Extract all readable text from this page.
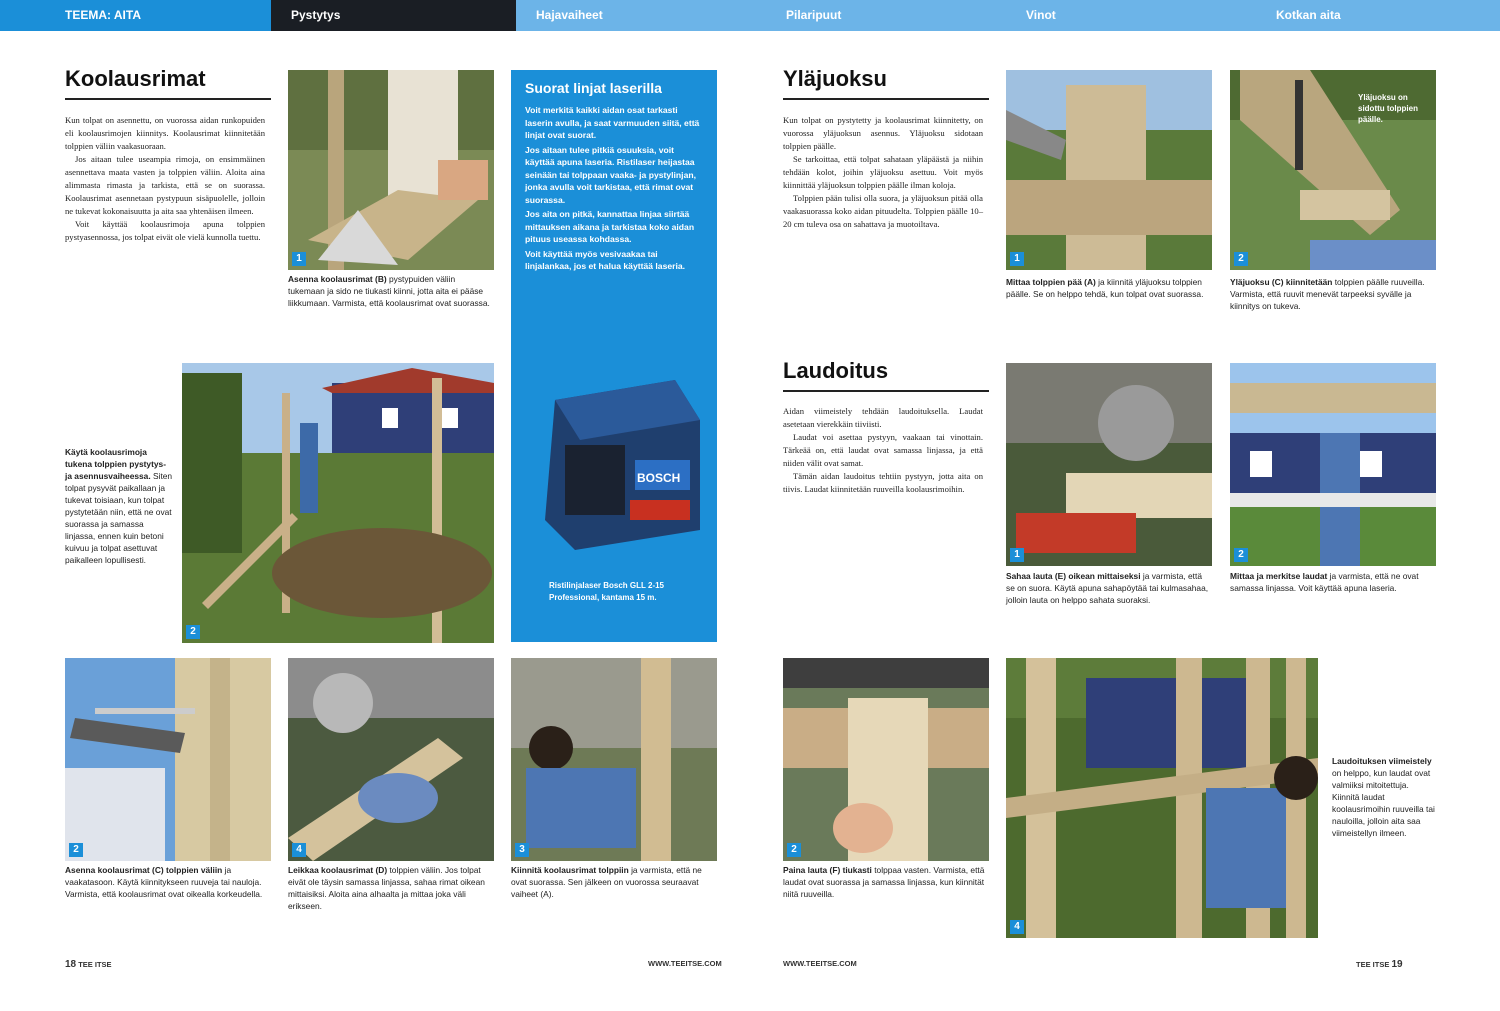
TEEMA: AITA	Pystytys	Hajavaiheet	Pilaripuut	Vinot	Kotkan aita
Koolausrimat

Kun tolpat on asennettu, on vuorossa aidan runkopuiden eli koolausrimojen kiinnitys. Koolausrimat kiinnitetään tolppien väliin vaakasuoraan.

Jos aitaan tulee useampia rimoja, on ensimmäinen asennettava maata vasten ja tolppien väliin. Aloita aina alimmasta rimasta ja tarkista, että se on suorassa. Koolausrimat asennetaan pystypuun sisäpuolelle, jolloin ne tukevat kokonaisuutta ja aita saa yhtenäisen ilmeen.

Voit käyttää koolausrimoja apuna tolppien pystyasennossa, jos tolpat eivät ole vielä kunnolla tuettu.

1
Asenna koolausrimat (B) pystypuiden väliin tukemaan ja sido ne tiukasti kiinni, jotta aita ei pääse liikkumaan. Varmista, että koolausrimat ovat suorassa.
Käytä koolausrimoja tukena tolppien pystytys- ja asennusvaiheessa. Siten tolpat pysyvät paikallaan ja tukevat toisiaan, kun tolpat pystytetään niin, että ne ovat suorassa ja samassa linjassa, ennen kuin betoni kuivuu ja tolpat asettuvat paikalleen lopullisesti.
2
2	4	3
Asenna koolausrimat (C) tolppien väliin ja vaakatasoon. Käytä kiinnitykseen ruuveja tai nauloja. Varmista, että koolausrimat ovat oikealla korkeudella.
Leikkaa koolausrimat (D) tolppien väliin. Jos tolpat eivät ole täysin samassa linjassa, sahaa rimat oikean mittaisiksi. Aloita aina alhaalta ja mittaa joka väli erikseen.
Kiinnitä koolausrimat tolppiin ja varmista, että ne ovat suorassa. Sen jälkeen on vuorossa seuraavat vaiheet (A).
Suorat linjat laserilla

Voit merkitä kaikki aidan osat tarkasti laserin avulla, ja saat varmuuden siitä, että linjat ovat suorat.

Jos aitaan tulee pitkiä osuuksia, voit käyttää apuna laseria. Ristilaser heijastaa seinään tai tolppaan vaaka- ja pystylinjan, jonka avulla voit tarkistaa, että rimat ovat suorassa.

Jos aita on pitkä, kannattaa linjaa siirtää mittauksen aikana ja tarkistaa koko aidan pituus useassa kohdassa.

Voit käyttää myös vesivaakaa tai linjalankaa, jos et halua käyttää laseria.

BOSCH
Ristilinjalaser Bosch GLL 2-15 Professional, kantama 15 m.
Yläjuoksu

Kun tolpat on pystytetty ja koolausrimat kiinnitetty, on vuorossa yläjuoksun asennus. Yläjuoksu sidotaan tolppien päälle.

Se tarkoittaa, että tolpat sahataan yläpäästä ja niihin tehdään kolot, joihin yläjuoksu asettuu. Voit myös kiinnittää yläjuoksun tolppien päälle ilman koloja.

Tolppien pään tulisi olla suora, ja yläjuoksun pitää olla vaakasuorassa koko aidan pituudelta. Tolppien päälle 10–20 cm tuleva osa on sahattava ja muotoiltava.

Laudoitus

Aidan viimeistely tehdään laudoituksella. Laudat asetetaan vierekkäin tiiviisti.

Laudat voi asettaa pystyyn, vaakaan tai vinottain. Tärkeää on, että laudat ovat samassa linjassa, ja että niiden välit ovat samat.

Tämän aidan laudoitus tehtiin pystyyn, jotta aita on tiivis. Laudat kiinnitetään ruuveilla koolausrimoihin.

1	2
Yläjuoksu on sidottu tolppien päälle.
Mittaa tolppien pää (A) ja kiinnitä yläjuoksu tolppien päälle. Se on helppo tehdä, kun tolpat ovat suorassa.
Yläjuoksu (C) kiinnitetään tolppien päälle ruuveilla. Varmista, että ruuvit menevät tarpeeksi syvälle ja kiinnitys on tukeva.
1	2
Sahaa lauta (E) oikean mittaiseksi ja varmista, että se on suora. Käytä apuna sahapöytää tai kulmasahaa, jolloin lauta on helppo sahata suoraksi.
Mittaa ja merkitse laudat ja varmista, että ne ovat samassa linjassa. Voit käyttää apuna laseria.
2
4
Paina lauta (F) tiukasti tolppaa vasten. Varmista, että laudat ovat suorassa ja samassa linjassa, kun kiinnität niitä ruuveilla.
Laudoituksen viimeistely on helppo, kun laudat ovat valmiiksi mitoitettuja. Kiinnitä laudat koolausrimoihin ruuveilla tai nauloilla, jolloin aita saa viimeistellyn ilmeen.
18 TEE ITSE	WWW.TEEITSE.COM	WWW.TEEITSE.COM	TEE ITSE 19
